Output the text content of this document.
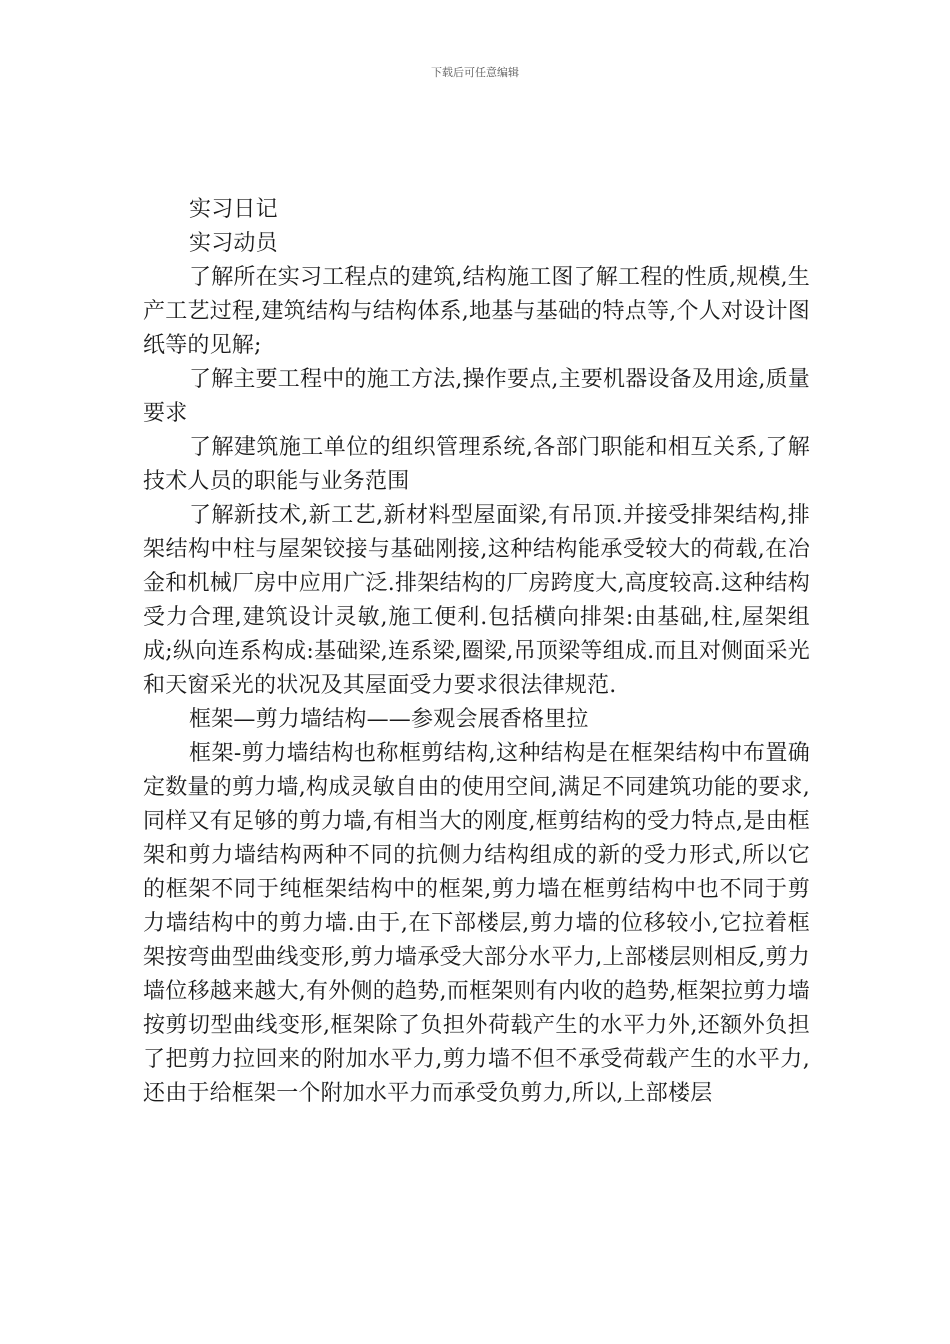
下载后可任意编辑

实习日记

实习动员

了解所在实习工程点的建筑,结构施工图了解工程的性质,规模,生产工艺过程,建筑结构与结构体系,地基与基础的特点等,个人对设计图纸等的见解;

了解主要工程中的施工方法,操作要点,主要机器设备及用途,质量要求

了解建筑施工单位的组织管理系统,各部门职能和相互关系,了解技术人员的职能与业务范围

了解新技术,新工艺,新材料型屋面梁,有吊顶.并接受排架结构,排架结构中柱与屋架铰接与基础刚接,这种结构能承受较大的荷载,在冶金和机械厂房中应用广泛.排架结构的厂房跨度大,高度较高.这种结构受力合理,建筑设计灵敏,施工便利.包括横向排架:由基础,柱,屋架组成;纵向连系构成:基础梁,连系梁,圈梁,吊顶梁等组成.而且对侧面采光和天窗采光的状况及其屋面受力要求很法律规范.

框架—剪力墙结构——参观会展香格里拉

框架-剪力墙结构也称框剪结构,这种结构是在框架结构中布置确定数量的剪力墙,构成灵敏自由的使用空间,满足不同建筑功能的要求,同样又有足够的剪力墙,有相当大的刚度,框剪结构的受力特点,是由框架和剪力墙结构两种不同的抗侧力结构组成的新的受力形式,所以它的框架不同于纯框架结构中的框架,剪力墙在框剪结构中也不同于剪力墙结构中的剪力墙.由于,在下部楼层,剪力墙的位移较小,它拉着框架按弯曲型曲线变形,剪力墙承受大部分水平力,上部楼层则相反,剪力墙位移越来越大,有外侧的趋势,而框架则有内收的趋势,框架拉剪力墙按剪切型曲线变形,框架除了负担外荷载产生的水平力外,还额外负担了把剪力拉回来的附加水平力,剪力墙不但不承受荷载产生的水平力,还由于给框架一个附加水平力而承受负剪力,所以,上部楼层
